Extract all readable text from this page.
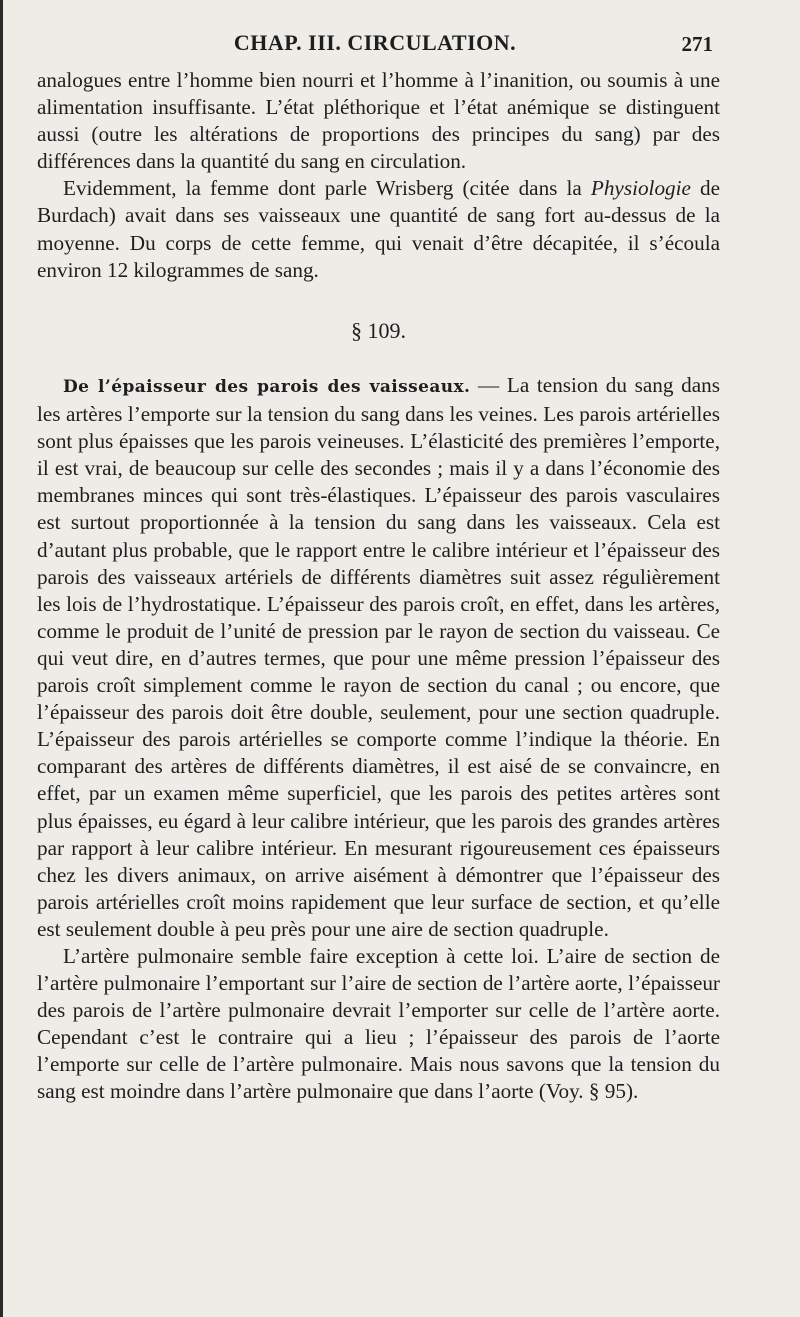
CHAP. III. CIRCULATION.	271

analogues entre l’homme bien nourri et l’homme à l’inanition, ou soumis à une alimentation insuffisante. L’état pléthorique et l’état anémique se distinguent aussi (outre les altérations de proportions des principes du sang) par des différences dans la quantité du sang en circulation.

Evidemment, la femme dont parle Wrisberg (citée dans la Physiologie de Burdach) avait dans ses vaisseaux une quantité de sang fort au-dessus de la moyenne. Du corps de cette femme, qui venait d’être décapitée, il s’écoula environ 12 kilogrammes de sang.

§ 109.

De l’épaisseur des parois des vaisseaux. — La tension du sang dans les artères l’emporte sur la tension du sang dans les veines. Les parois artérielles sont plus épaisses que les parois veineuses. L’élasticité des premières l’emporte, il est vrai, de beaucoup sur celle des secondes ; mais il y a dans l’économie des membranes minces qui sont très-élastiques. L’épaisseur des parois vasculaires est surtout proportionnée à la tension du sang dans les vaisseaux. Cela est d’autant plus probable, que le rapport entre le calibre intérieur et l’épaisseur des parois des vaisseaux artériels de différents diamètres suit assez régulièrement les lois de l’hydrostatique. L’épaisseur des parois croît, en effet, dans les artères, comme le produit de l’unité de pression par le rayon de section du vaisseau. Ce qui veut dire, en d’autres termes, que pour une même pression l’épaisseur des parois croît simplement comme le rayon de section du canal ; ou encore, que l’épaisseur des parois doit être double, seulement, pour une section quadruple. L’épaisseur des parois artérielles se comporte comme l’indique la théorie. En comparant des artères de différents diamètres, il est aisé de se convaincre, en effet, par un examen même superficiel, que les parois des petites artères sont plus épaisses, eu égard à leur calibre intérieur, que les parois des grandes artères par rapport à leur calibre intérieur. En mesurant rigoureusement ces épaisseurs chez les divers animaux, on arrive aisément à démontrer que l’épaisseur des parois artérielles croît moins rapidement que leur surface de section, et qu’elle est seulement double à peu près pour une aire de section quadruple.

L’artère pulmonaire semble faire exception à cette loi. L’aire de section de l’artère pulmonaire l’emportant sur l’aire de section de l’artère aorte, l’épaisseur des parois de l’artère pulmonaire devrait l’emporter sur celle de l’artère aorte. Cependant c’est le contraire qui a lieu ; l’épaisseur des parois de l’aorte l’emporte sur celle de l’artère pulmonaire. Mais nous savons que la tension du sang est moindre dans l’artère pulmonaire que dans l’aorte (Voy. § 95).
